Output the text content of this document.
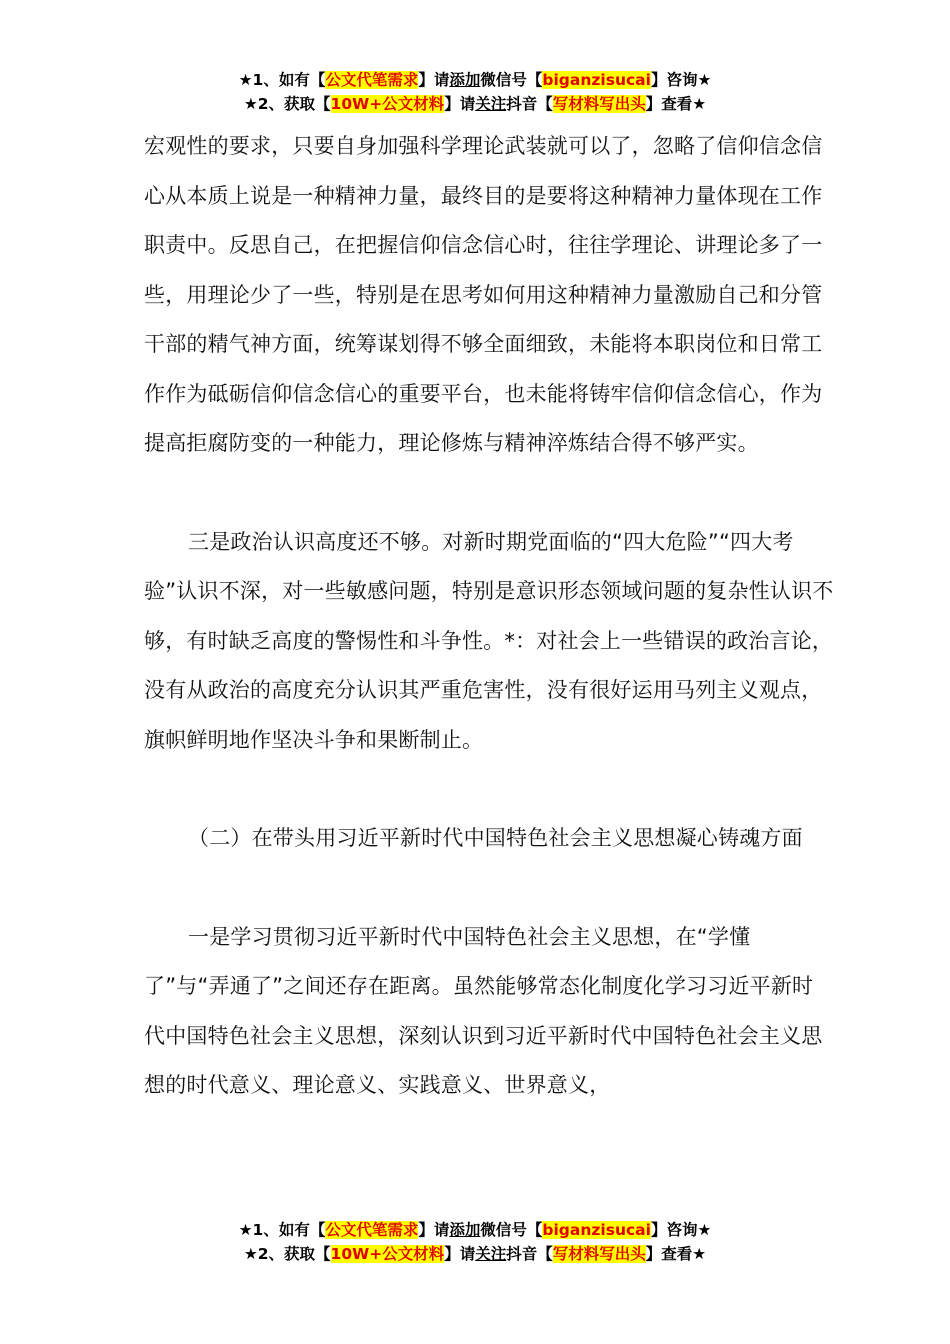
★1、如有【公文代笔需求】请添加微信号【biganzisucai】咨询★
★2、获取【10W+公文材料】请关注抖音【写材料写出头】查看★

宏观性的要求，只要自身加强科学理论武装就可以了，忽略了信仰信念信心从本质上说是一种精神力量，最终目的是要将这种精神力量体现在工作职责中。反思自己，在把握信仰信念信心时，往往学理论、讲理论多了一些，用理论少了一些，特别是在思考如何用这种精神力量激励自己和分管干部的精气神方面，统筹谋划得不够全面细致，未能将本职岗位和日常工作作为砥砺信仰信念信心的重要平台，也未能将铸牢信仰信念信心，作为提高拒腐防变的一种能力，理论修炼与精神淬炼结合得不够严实。

三是政治认识高度还不够。对新时期党面临的“四大危险”“四大考验”认识不深，对一些敏感问题，特别是意识形态领域问题的复杂性认识不够，有时缺乏高度的警惕性和斗争性。*：对社会上一些错误的政治言论，没有从政治的高度充分认识其严重危害性，没有很好运用马列主义观点，旗帜鲜明地作坚决斗争和果断制止。

（二）在带头用习近平新时代中国特色社会主义思想凝心铸魂方面

一是学习贯彻习近平新时代中国特色社会主义思想，在“学懂了”与“弄通了”之间还存在距离。虽然能够常态化制度化学习习近平新时代中国特色社会主义思想，深刻认识到习近平新时代中国特色社会主义思想的时代意义、理论意义、实践意义、世界意义，

★1、如有【公文代笔需求】请添加微信号【biganzisucai】咨询★
★2、获取【10W+公文材料】请关注抖音【写材料写出头】查看★
